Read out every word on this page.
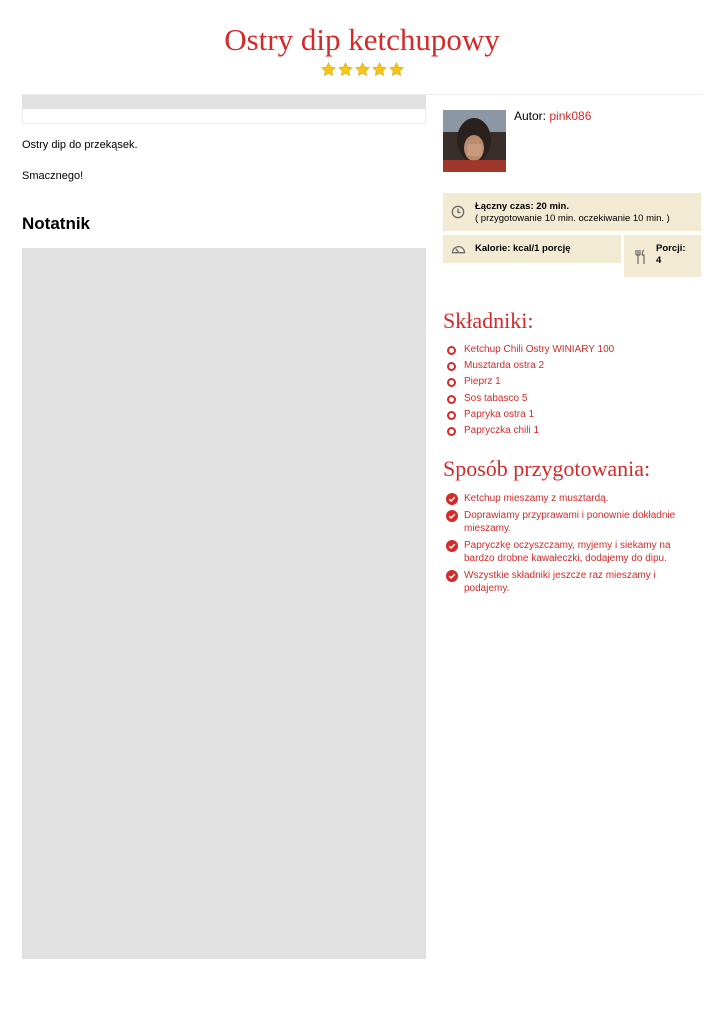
Ostry dip ketchupowy
Ostry dip do przekąsek.
Smacznego!
Notatnik
Autor: pink086
Łączny czas: 20 min.
( przygotowanie 10 min. oczekiwanie 10 min. )
Kalorie: kcal/1 porcję	Porcji:
4
Składniki:
Ketchup Chili Ostry WINIARY 100
Musztarda ostra 2
Pieprz 1
Sos tabasco 5
Papryka ostra 1
Papryczka chili 1
Sposób przygotowania:
Ketchup mieszamy z musztardą.
Doprawiamy przyprawami i ponownie dokładnie mieszamy.
Papryczkę oczyszczamy, myjemy i siekamy na bardzo drobne kawałeczki, dodajemy do dipu.
Wszystkie składniki jeszcze raz mieszamy i podajemy.
